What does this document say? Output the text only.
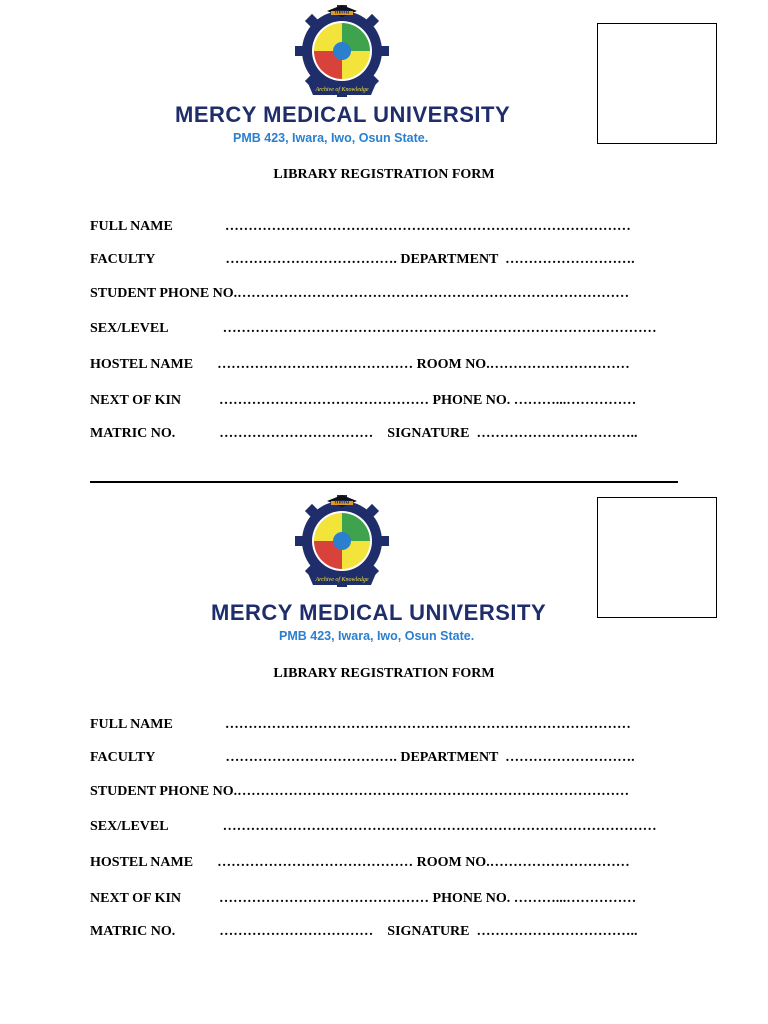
Archive of Knowledge
mmu
MERCY MEDICAL UNIVERSITY
PMB 423, Iwara, Iwo, Osun State.
LIBRARY REGISTRATION FORM
FULL NAME	……………………………………………………………………………
FACULTY	………………………………. DEPARTMENT ……………………….
STUDENT PHONE NO.…………………………………………………………………………
SEX/LEVEL	…………………………………………………………………………………
HOSTEL NAME …………………………………… ROOM NO.…………………………
NEXT OF KIN	……………………………………… PHONE NO. ………...……………
MATRIC NO.	…………………………… SIGNATURE ……………………………..
Archive of Knowledge
mmu
MERCY MEDICAL UNIVERSITY
PMB 423, Iwara, Iwo, Osun State.
LIBRARY REGISTRATION FORM
FULL NAME	……………………………………………………………………………
FACULTY	………………………………. DEPARTMENT ……………………….
STUDENT PHONE NO.…………………………………………………………………………
SEX/LEVEL	…………………………………………………………………………………
HOSTEL NAME …………………………………… ROOM NO.…………………………
NEXT OF KIN	……………………………………… PHONE NO. ………...……………
MATRIC NO.	…………………………… SIGNATURE ……………………………..
